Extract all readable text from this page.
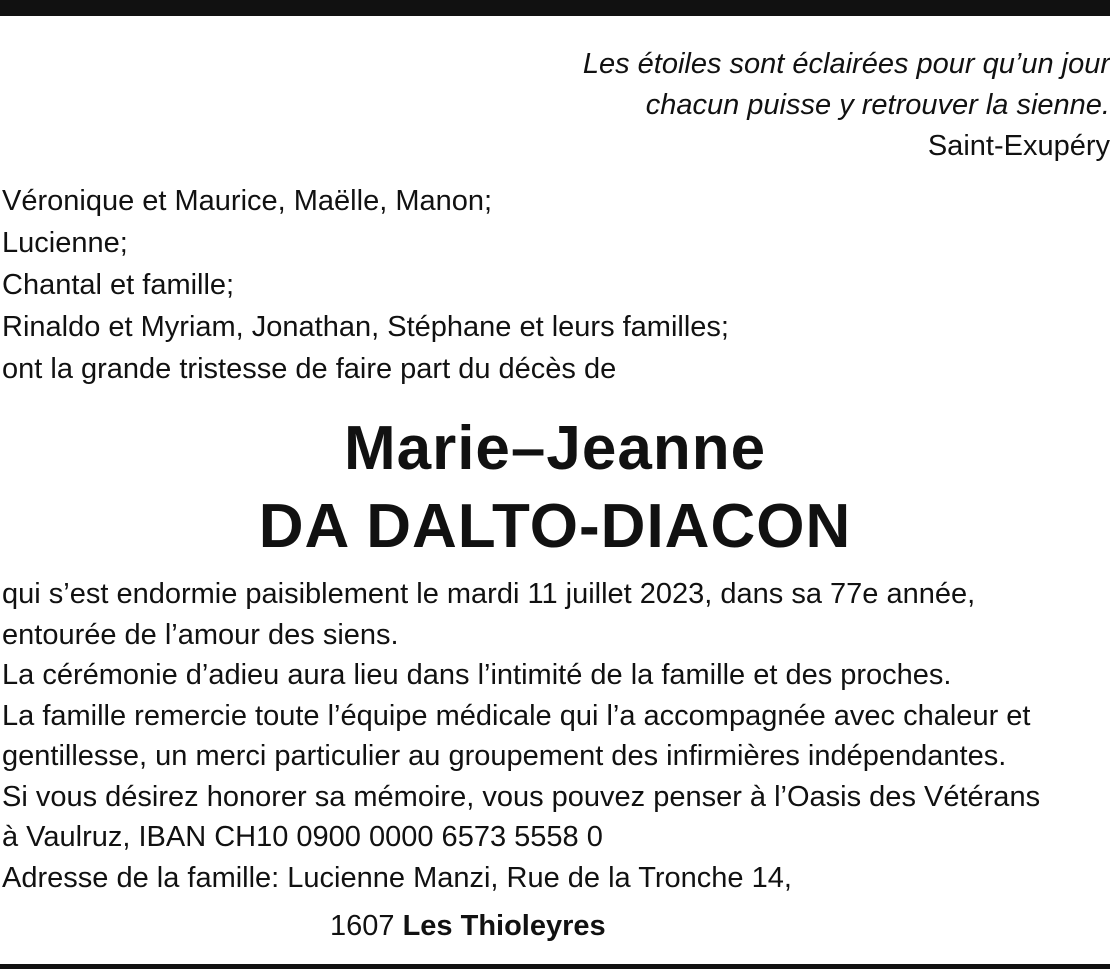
Les étoiles sont éclairées pour qu’un jour
chacun puisse y retrouver la sienne.
Saint-Exupéry
Véronique et Maurice, Maëlle, Manon;
Lucienne;
Chantal et famille;
Rinaldo et Myriam, Jonathan, Stéphane et leurs familles;
ont la grande tristesse de faire part du décès de
Marie–Jeanne
DA DALTO-DIACON
qui s’est endormie paisiblement le mardi 11 juillet 2023, dans sa 77e année,
entourée de l’amour des siens.
La cérémonie d’adieu aura lieu dans l’intimité de la famille et des proches.
La famille remercie toute l’équipe médicale qui l’a accompagnée avec chaleur et
gentillesse, un merci particulier au groupement des infirmières indépendantes.
Si vous désirez honorer sa mémoire, vous pouvez penser à l’Oasis des Vétérans
à Vaulruz, IBAN CH10 0900 0000 6573 5558 0
Adresse de la famille: Lucienne Manzi, Rue de la Tronche 14,
1607 Les Thioleyres
